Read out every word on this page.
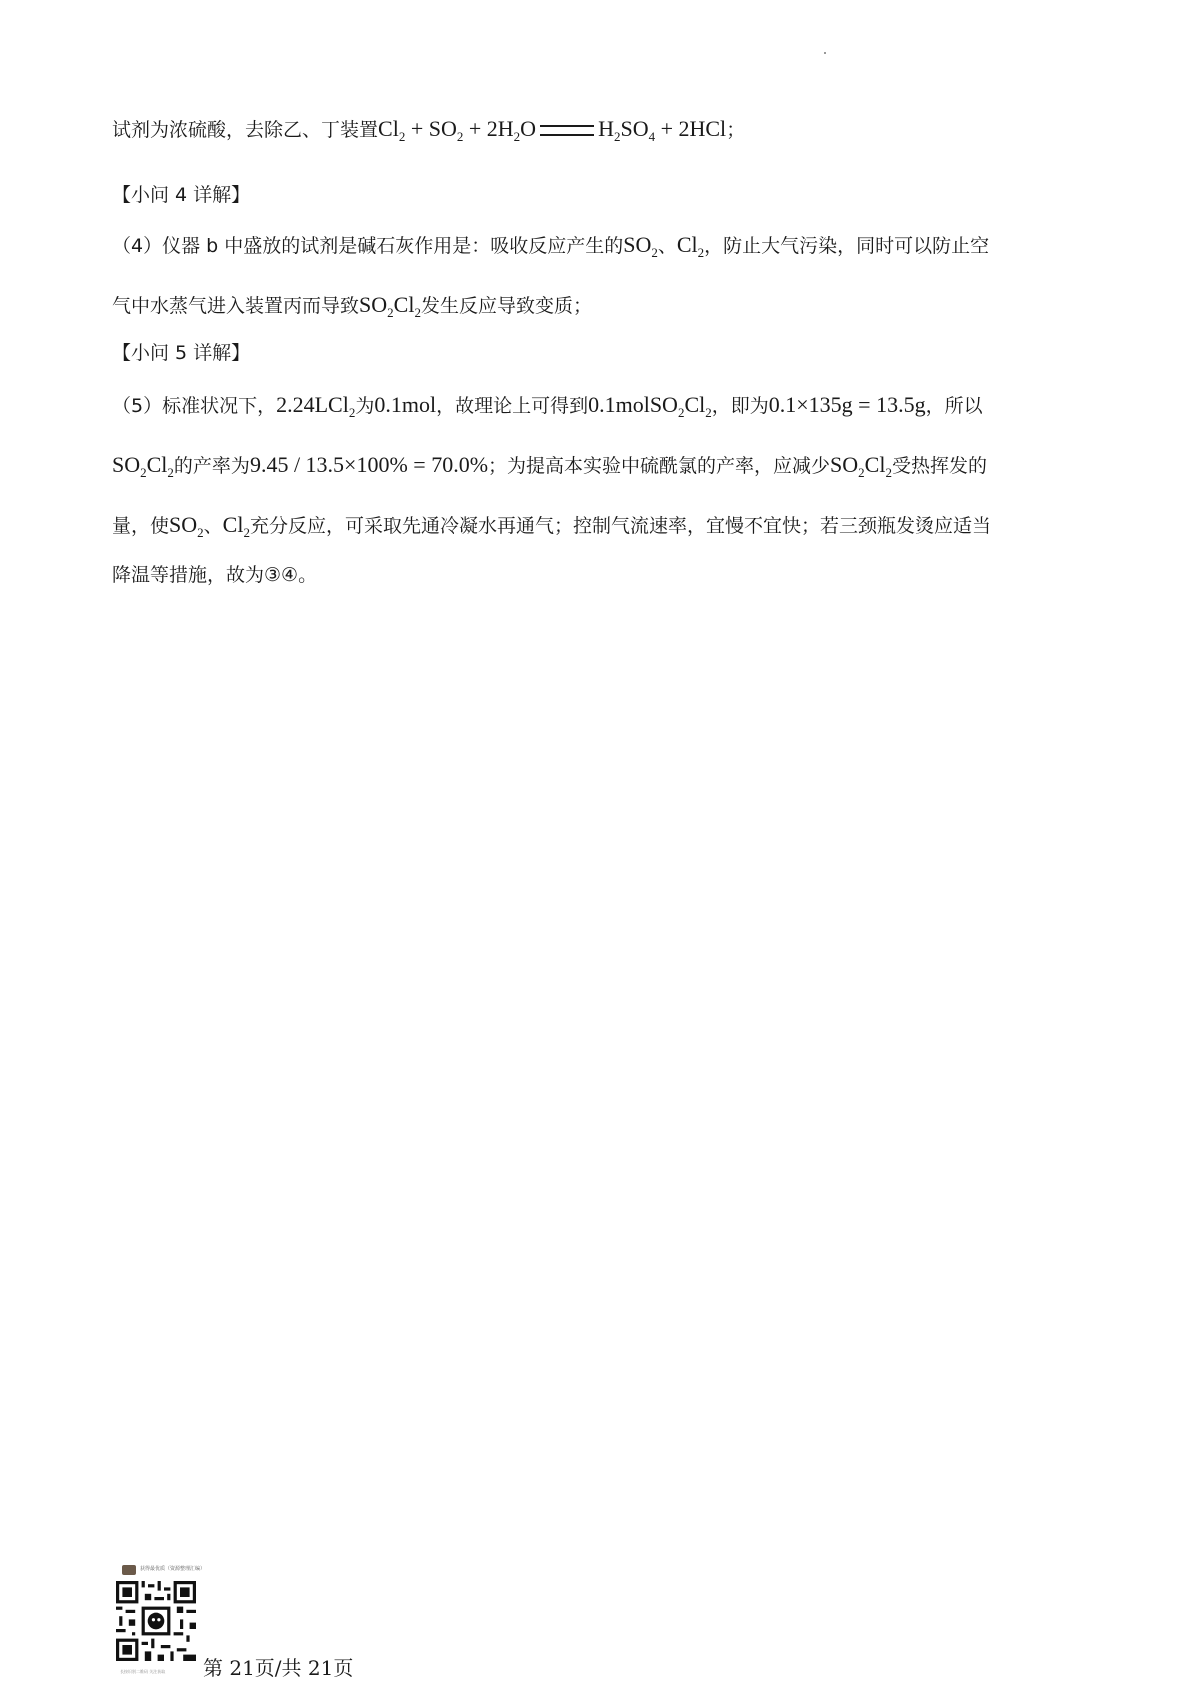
试剂为浓硫酸，去除乙、丁装置$Cl_2 + SO_2 + 2H_2O$	$H_2SO_4 + 2HCl$；
【小问 4 详解】
（4）仪器 b 中盛放的试剂是碱石灰作用是：吸收反应产生的$SO_2$、$Cl_2$，防止大气污染，同时可以防止空
气中水蒸气进入装置丙而导致$SO_2Cl_2$发生反应导致变质；
【小问 5 详解】
（5）标准状况下，2.24LCl$_2$为0.1mol，故理论上可得到$0.1molSO_2Cl_2$，即为0.1×135g = 13.5g，所以
$SO_2Cl_2$的产率为9.45 / 13.5×100% = 70.0%；为提高本实验中硫酰氯的产率，应减少$SO_2Cl_2$受热挥发的
量，使$SO_2$、$Cl_2$充分反应，可采取先通冷凝水再通气；控制气流速率，宜慢不宜快；若三颈瓶发烫应适当
降温等措施，故为③④。
获得最优质（资源整理汇编）
长按识别二维码 关注获取 第 21页/共 21页
